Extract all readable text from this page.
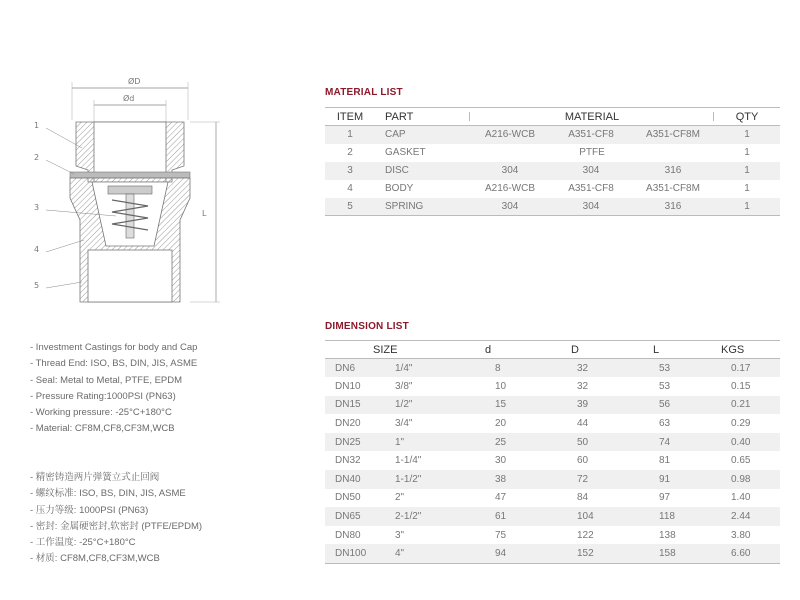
ØD
Ød
L
1
2
3
4
5
- Investment Castings for body and Cap
- Thread End: ISO, BS, DIN, JIS, ASME
- Seal: Metal to Metal, PTFE, EPDM
- Pressure Rating:1000PSI (PN63)
- Working pressure: -25°C+180°C
- Material: CF8M,CF8,CF3M,WCB
- 精密铸造两片弹簧立式止回阀
- 螺纹标准: ISO, BS, DIN, JIS, ASME
- 压力等级: 1000PSI (PN63)
- 密封: 金属硬密封,软密封 (PTFE/EPDM)
- 工作温度: -25°C+180°C
- 材质: CF8M,CF8,CF3M,WCB
MATERIAL LIST
ITEM	PART	MATERIAL			QTY
1	CAP	A216-WCB	A351-CF8	A351-CF8M	1
2	GASKET	PTFE			1
3	DISC	304	304	316	1
4	BODY	A216-WCB	A351-CF8	A351-CF8M	1
5	SPRING	304	304	316	1
DIMENSION LIST
SIZE		d	D	L	KGS
DN6	1/4"	8	32	53	0.17
DN10	3/8"	10	32	53	0.15
DN15	1/2"	15	39	56	0.21
DN20	3/4"	20	44	63	0.29
DN25	1"	25	50	74	0.40
DN32	1-1/4"	30	60	81	0.65
DN40	1-1/2"	38	72	91	0.98
DN50	2"	47	84	97	1.40
DN65	2-1/2"	61	104	118	2.44
DN80	3"	75	122	138	3.80
DN100	4"	94	152	158	6.60
